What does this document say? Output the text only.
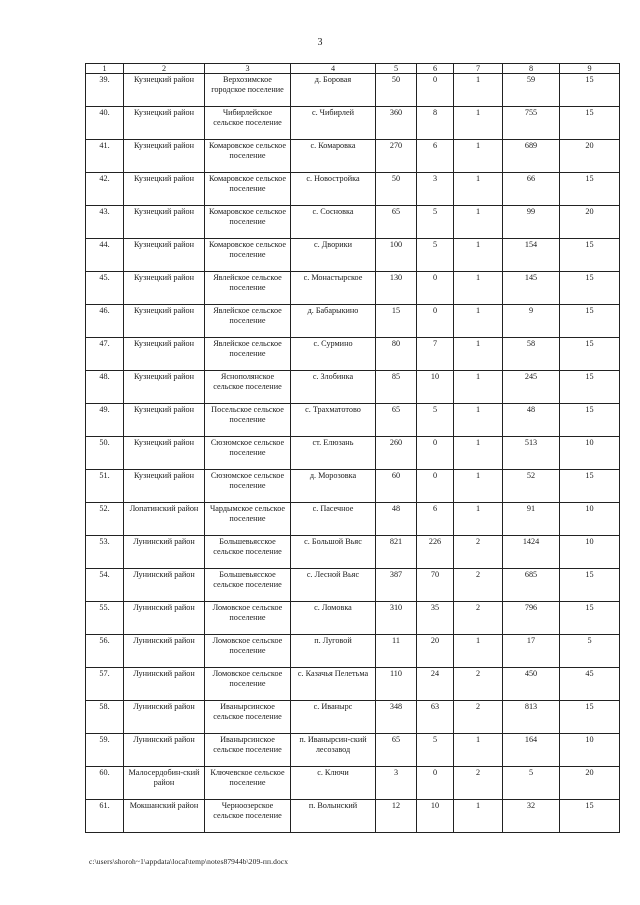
3
1	2	3	4	5	6	7	8	9
39.	Кузнецкий район	Верхозимское городское поселение	д. Боровая	50	0	1	59	15
40.	Кузнецкий район	Чибирлейское сельское поселение	с. Чибирлей	360	8	1	755	15
41.	Кузнецкий район	Комаровское сельское поселение	с. Комаровка	270	6	1	689	20
42.	Кузнецкий район	Комаровское сельское поселение	с. Новостройка	50	3	1	66	15
43.	Кузнецкий район	Комаровское сельское поселение	с. Сосновка	65	5	1	99	20
44.	Кузнецкий район	Комаровское сельское поселение	с. Дворики	100	5	1	154	15
45.	Кузнецкий район	Явлейское сельское поселение	с. Монастырское	130	0	1	145	15
46.	Кузнецкий район	Явлейское сельское поселение	д. Бабарыкино	15	0	1	9	15
47.	Кузнецкий район	Явлейское сельское поселение	с. Сурмино	80	7	1	58	15
48.	Кузнецкий район	Яснополянское сельское поселение	с. Злобинка	85	10	1	245	15
49.	Кузнецкий район	Посельское сельское поселение	с. Трахматотово	65	5	1	48	15
50.	Кузнецкий район	Сюзюмское сельское поселение	ст. Елюзань	260	0	1	513	10
51.	Кузнецкий район	Сюзюмское сельское поселение	д. Морозовка	60	0	1	52	15
52.	Лопатинский район	Чардымское сельское поселение	с. Пасечное	48	6	1	91	10
53.	Лунинский район	Большевьясское сельское поселение	с. Большой Вьяс	821	226	2	1424	10
54.	Лунинский район	Большевьясское сельское поселение	с. Лесной Вьяс	387	70	2	685	15
55.	Лунинский район	Ломовское сельское поселение	с. Ломовка	310	35	2	796	15
56.	Лунинский район	Ломовское сельское поселение	п. Луговой	11	20	1	17	5
57.	Лунинский район	Ломовское сельское поселение	с. Казачья Пелетьма	110	24	2	450	45
58.	Лунинский район	Иванырсинское сельское поселение	с. Иванырс	348	63	2	813	15
59.	Лунинский район	Иванырсинское сельское поселение	п. Иванырсин-ский лесозавод	65	5	1	164	10
60.	Малосердобин-ский район	Ключевское сельское поселение	с. Ключи	3	0	2	5	20
61.	Мокшанский район	Черноозерское сельское поселение	п. Волынский	12	10	1	32	15
c:\users\shoroh~1\appdata\local\temp\notes87944b\209-пп.docx
